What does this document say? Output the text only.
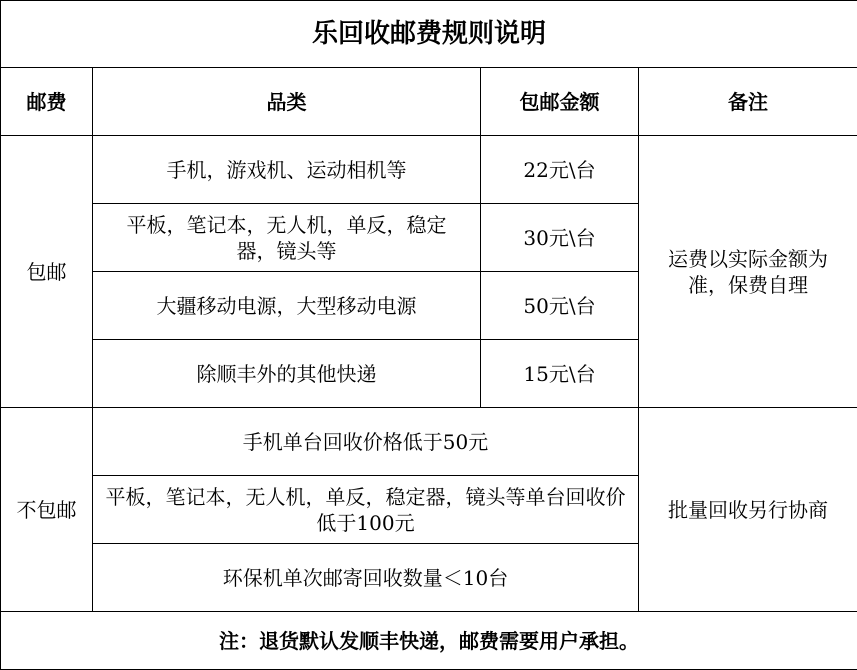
乐回收邮费规则说明			
邮费	品类	包邮金额	备注
包邮	手机，游戏机、运动相机等	22元\台	运费以实际金额为准，保费自理
	平板，笔记本，无人机，单反，稳定器，镜头等	30元\台	
	大疆移动电源，大型移动电源	50元\台	
	除顺丰外的其他快递	15元\台	
不包邮	手机单台回收价格低于50元		批量回收另行协商
	平板，笔记本，无人机，单反，稳定器，镜头等单台回收价低于100元		
	环保机单次邮寄回收数量＜10台		
注：退货默认发顺丰快递，邮费需要用户承担。			
